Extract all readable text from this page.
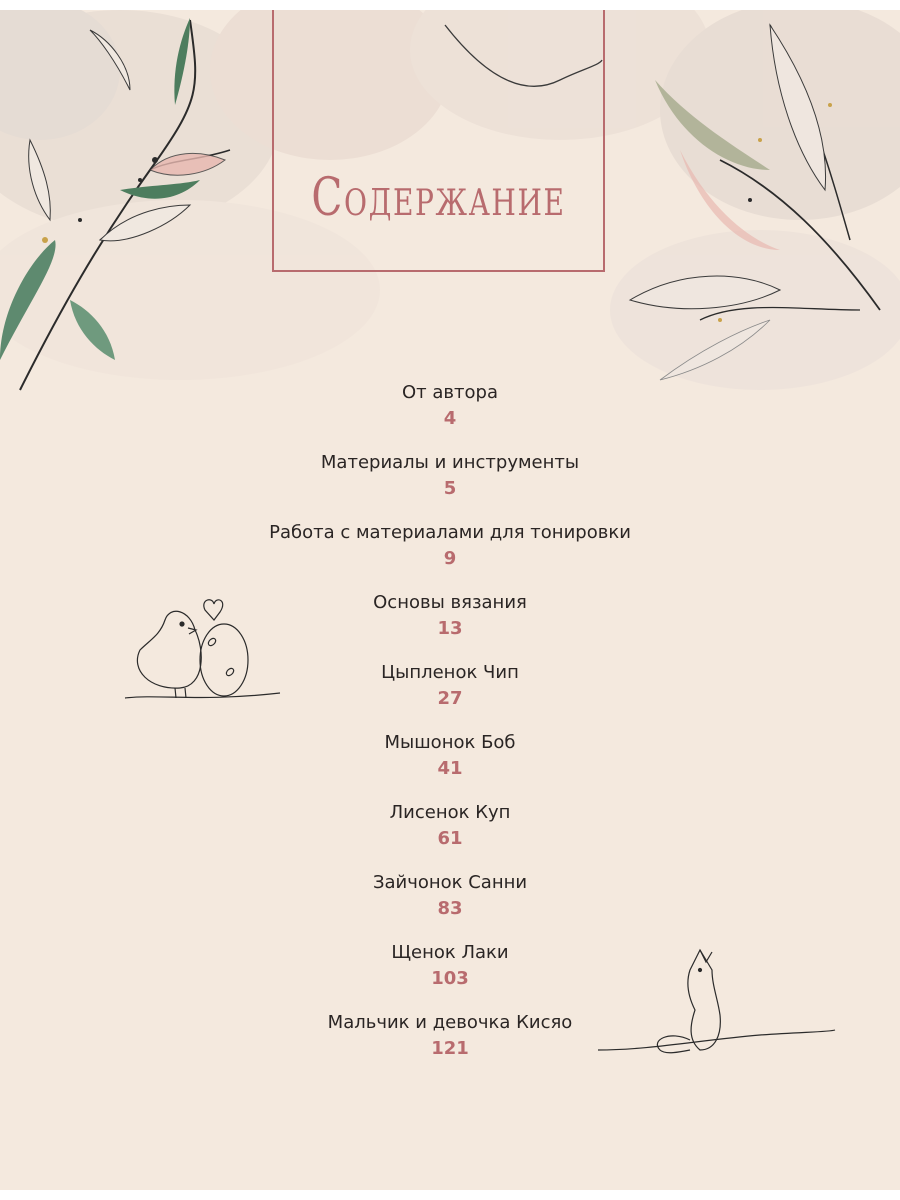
Содержание
От автора
4
Материалы и инструменты
5
Работа с материалами для тонировки
9
Основы вязания
13
Цыпленок Чип
27
Мышонок Боб
41
Лисенок Куп
61
Зайчонок Санни
83
Щенок Лаки
103
Мальчик и девочка Кисяо
121
